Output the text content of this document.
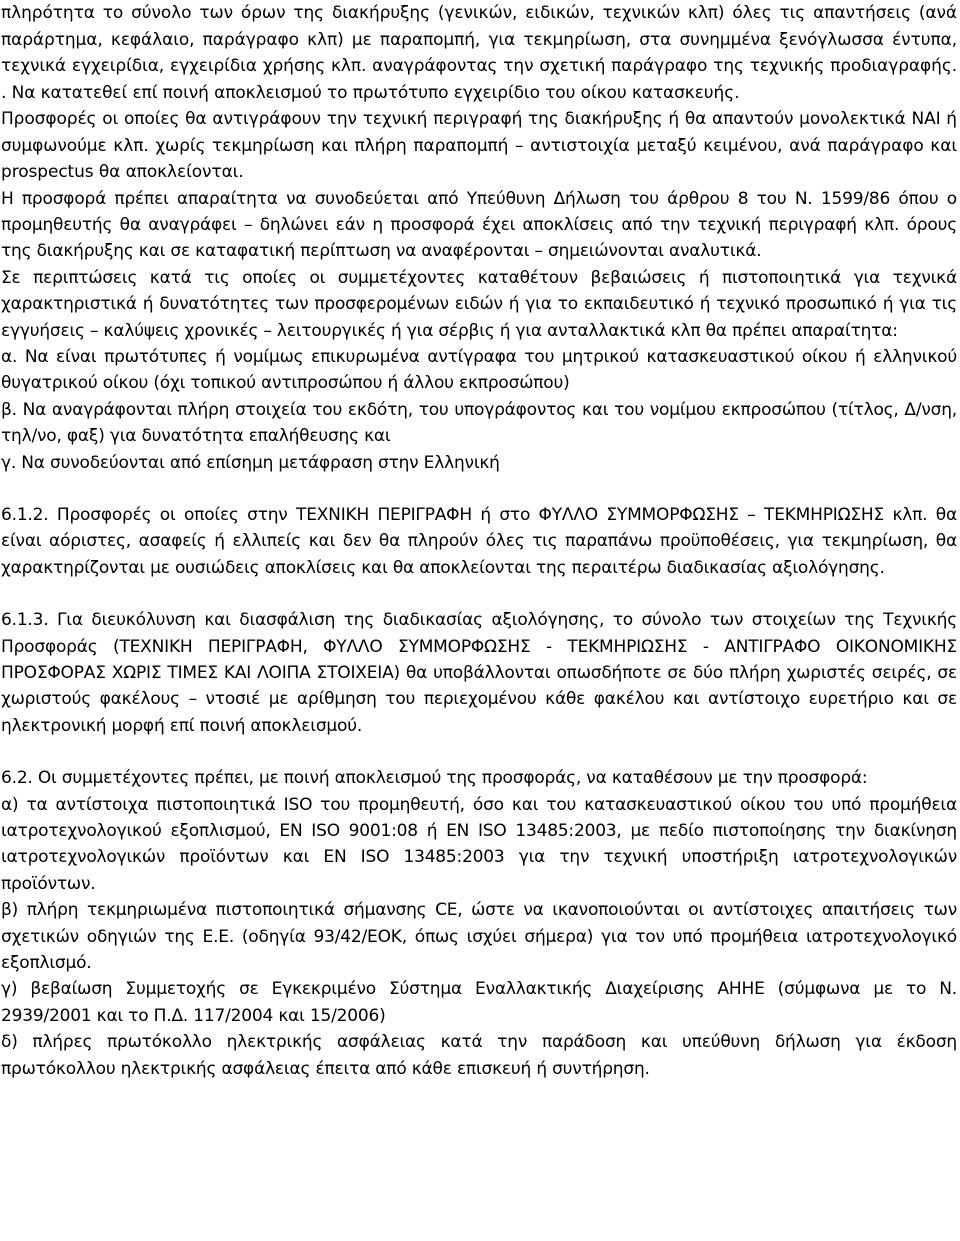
πληρότητα το σύνολο των όρων της διακήρυξης (γενικών, ειδικών, τεχνικών κλπ) όλες τις απαντήσεις (ανά παράρτημα, κεφάλαιο, παράγραφο κλπ) με παραπομπή, για τεκμηρίωση, στα συνημμένα ξενόγλωσσα έντυπα, τεχνικά εγχειρίδια, εγχειρίδια χρήσης κλπ. αναγράφοντας την σχετική παράγραφο της τεχνικής προδιαγραφής. . Να κατατεθεί επί ποινή αποκλεισμού το πρωτότυπο εγχειρίδιο του οίκου κατασκευής.

Προσφορές οι οποίες θα αντιγράφουν την τεχνική περιγραφή της διακήρυξης ή θα απαντούν μονολεκτικά ΝΑΙ ή συμφωνούμε κλπ. χωρίς τεκμηρίωση και πλήρη παραπομπή – αντιστοιχία μεταξύ κειμένου, ανά παράγραφο και prospectus θα αποκλείονται.

Η προσφορά πρέπει απαραίτητα να συνοδεύεται από Υπεύθυνη Δήλωση του άρθρου 8 του Ν. 1599/86 όπου ο προμηθευτής θα αναγράφει – δηλώνει εάν η προσφορά έχει αποκλίσεις από την τεχνική περιγραφή κλπ. όρους της διακήρυξης και σε καταφατική περίπτωση να αναφέρονται – σημειώνονται αναλυτικά.

Σε περιπτώσεις κατά τις οποίες οι συμμετέχοντες καταθέτουν βεβαιώσεις ή πιστοποιητικά για τεχνικά χαρακτηριστικά ή δυνατότητες των προσφερομένων ειδών ή για το εκπαιδευτικό ή τεχνικό προσωπικό ή για τις εγγυήσεις – καλύψεις χρονικές – λειτουργικές ή για σέρβις ή για ανταλλακτικά κλπ θα πρέπει απαραίτητα:

α. Να είναι πρωτότυπες ή νομίμως επικυρωμένα αντίγραφα του μητρικού κατασκευαστικού οίκου ή ελληνικού θυγατρικού οίκου (όχι τοπικού αντιπροσώπου ή άλλου εκπροσώπου)

β. Να αναγράφονται πλήρη στοιχεία του εκδότη, του υπογράφοντος και του νομίμου εκπροσώπου (τίτλος, Δ/νση, τηλ/νο, φαξ) για δυνατότητα επαλήθευσης και

γ. Να συνοδεύονται από επίσημη μετάφραση στην Ελληνική

6.1.2. Προσφορές οι οποίες στην ΤΕΧΝΙΚΗ ΠΕΡΙΓΡΑΦΗ ή στο ΦΥΛΛΟ ΣΥΜΜΟΡΦΩΣΗΣ – ΤΕΚΜΗΡΙΩΣΗΣ κλπ. θα είναι αόριστες, ασαφείς ή ελλιπείς και δεν θα πληρούν όλες τις παραπάνω προϋποθέσεις, για τεκμηρίωση, θα χαρακτηρίζονται με ουσιώδεις αποκλίσεις και θα αποκλείονται της περαιτέρω διαδικασίας αξιολόγησης.

6.1.3. Για διευκόλυνση και διασφάλιση της διαδικασίας αξιολόγησης, το σύνολο των στοιχείων της Τεχνικής Προσφοράς (ΤΕΧΝΙΚΗ ΠΕΡΙΓΡΑΦΗ, ΦΥΛΛΟ ΣΥΜΜΟΡΦΩΣΗΣ - ΤΕΚΜΗΡΙΩΣΗΣ - ΑΝΤΙΓΡΑΦΟ ΟΙΚΟΝΟΜΙΚΗΣ ΠΡΟΣΦΟΡΑΣ ΧΩΡΙΣ ΤΙΜΕΣ ΚΑΙ ΛΟΙΠΑ ΣΤΟΙΧΕΙΑ) θα υποβάλλονται οπωσδήποτε σε δύο πλήρη χωριστές σειρές, σε χωριστούς φακέλους – ντοσιέ με αρίθμηση του περιεχομένου κάθε φακέλου και αντίστοιχο ευρετήριο και σε ηλεκτρονική μορφή επί ποινή αποκλεισμού.

6.2. Οι συμμετέχοντες πρέπει, με ποινή αποκλεισμού της προσφοράς, να καταθέσουν με την προσφορά:

α) τα αντίστοιχα πιστοποιητικά ISO του προμηθευτή, όσο και του κατασκευαστικού οίκου του υπό προμήθεια ιατροτεχνολογικού εξοπλισμού, ΕΝ ISO 9001:08 ή ΕΝ ISO 13485:2003, με πεδίο πιστοποίησης την διακίνηση ιατροτεχνολογικών προϊόντων και EN ISO 13485:2003 για την τεχνική υποστήριξη ιατροτεχνολογικών προϊόντων.

β) πλήρη τεκμηριωμένα πιστοποιητικά σήμανσης CE, ώστε να ικανοποιούνται οι αντίστοιχες απαιτήσεις των σχετικών οδηγιών της Ε.Ε. (οδηγία 93/42/ΕΟΚ, όπως ισχύει σήμερα) για τον υπό προμήθεια ιατροτεχνολογικό εξοπλισμό.

γ) βεβαίωση Συμμετοχής σε Εγκεκριμένο Σύστημα Εναλλακτικής Διαχείρισης ΑΗΗΕ (σύμφωνα με το Ν. 2939/2001 και το Π.Δ. 117/2004 και 15/2006)

δ) πλήρες πρωτόκολλο ηλεκτρικής ασφάλειας κατά την παράδοση και υπεύθυνη δήλωση για έκδοση πρωτόκολλου ηλεκτρικής ασφάλειας έπειτα από κάθε επισκευή ή συντήρηση.
